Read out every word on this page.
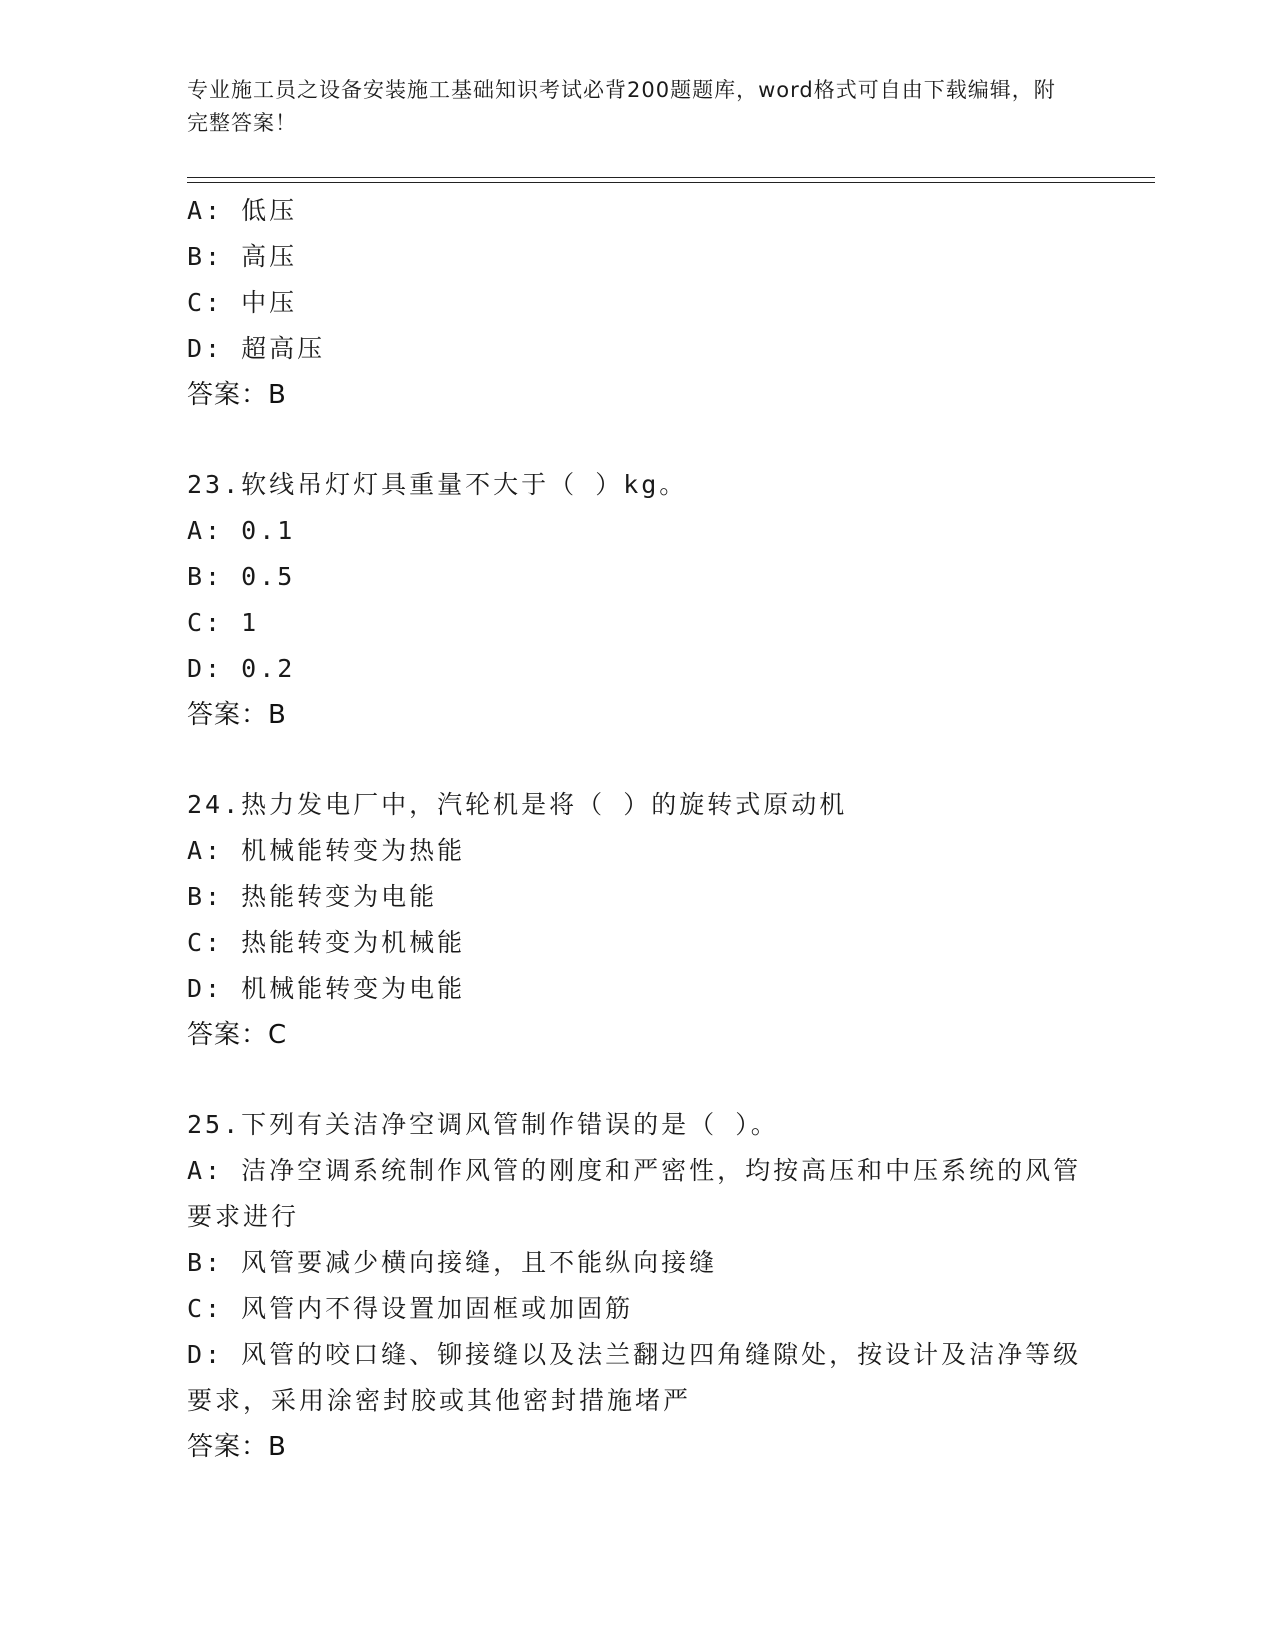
专业施工员之设备安装施工基础知识考试必背200题题库，word格式可自由下载编辑，附完整答案！
A: 低压
B: 高压
C: 中压
D: 超高压
答案：B
23.软线吊灯灯具重量不大于（ ）kg。
A: 0.1
B: 0.5
C: 1
D: 0.2
答案：B
24.热力发电厂中，汽轮机是将（ ）的旋转式原动机
A: 机械能转变为热能
B: 热能转变为电能
C: 热能转变为机械能
D: 机械能转变为电能
答案：C
25.下列有关洁净空调风管制作错误的是（ ）。
A: 洁净空调系统制作风管的刚度和严密性，均按高压和中压系统的风管要求进行
B: 风管要减少横向接缝，且不能纵向接缝
C: 风管内不得设置加固框或加固筋
D: 风管的咬口缝、铆接缝以及法兰翻边四角缝隙处，按设计及洁净等级要求，采用涂密封胶或其他密封措施堵严
答案：B
